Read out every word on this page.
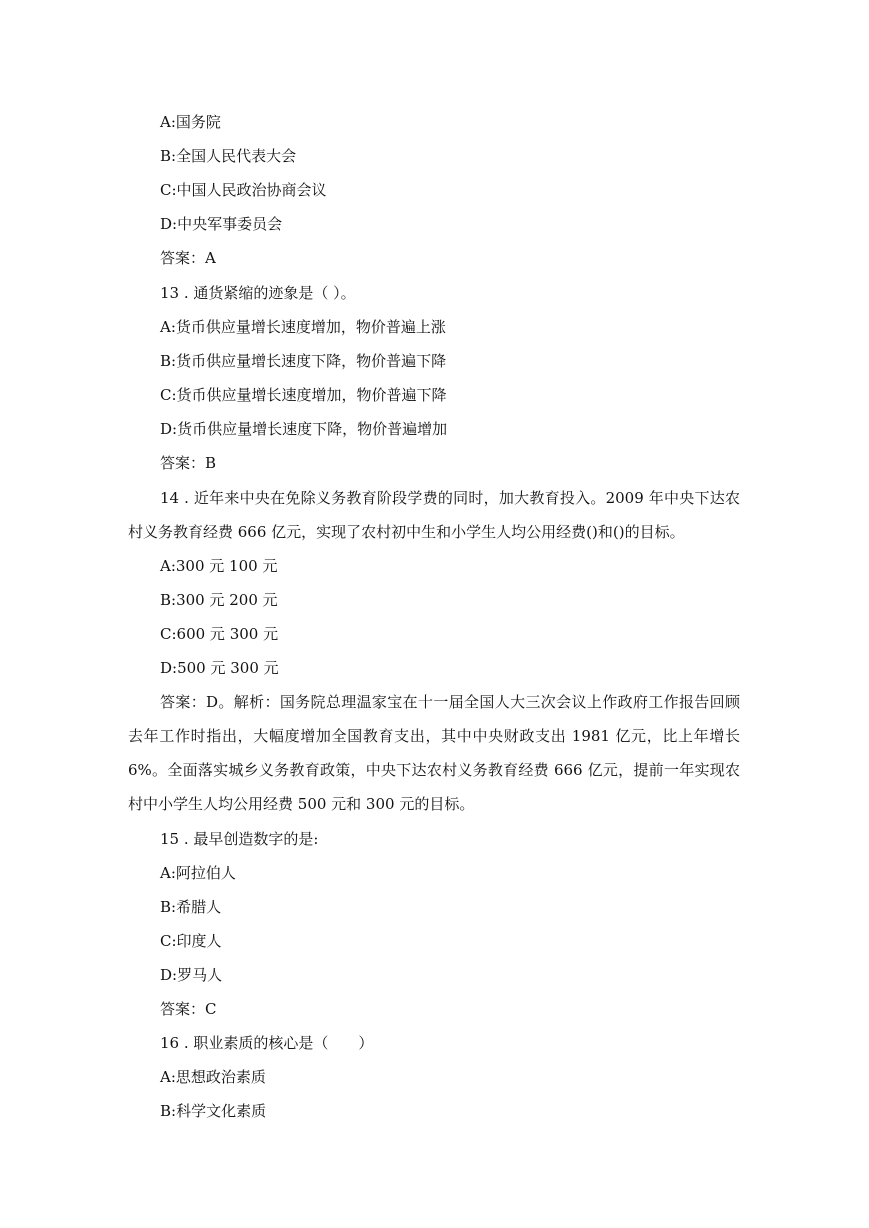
A:国务院
B:全国人民代表大会
C:中国人民政治协商会议
D:中央军事委员会
答案：A
13 . 通货紧缩的迹象是（ ）。
A:货币供应量增长速度增加，物价普遍上涨
B:货币供应量增长速度下降，物价普遍下降
C:货币供应量增长速度增加，物价普遍下降
D:货币供应量增长速度下降，物价普遍增加
答案：B
14 . 近年来中央在免除义务教育阶段学费的同时，加大教育投入。2009 年中央下达农村义务教育经费 666 亿元，实现了农村初中生和小学生人均公用经费()和()的目标。
A:300 元 100 元
B:300 元 200 元
C:600 元 300 元
D:500 元 300 元
答案：D。解析：国务院总理温家宝在十一届全国人大三次会议上作政府工作报告回顾去年工作时指出，大幅度增加全国教育支出，其中中央财政支出 1981 亿元，比上年增长 6%。全面落实城乡义务教育政策，中央下达农村义务教育经费 666 亿元，提前一年实现农村中小学生人均公用经费 500 元和 300 元的目标。
15 . 最早创造数字的是:
A:阿拉伯人
B:希腊人
C:印度人
D:罗马人
答案：C
16 . 职业素质的核心是（　　）
A:思想政治素质
B:科学文化素质
